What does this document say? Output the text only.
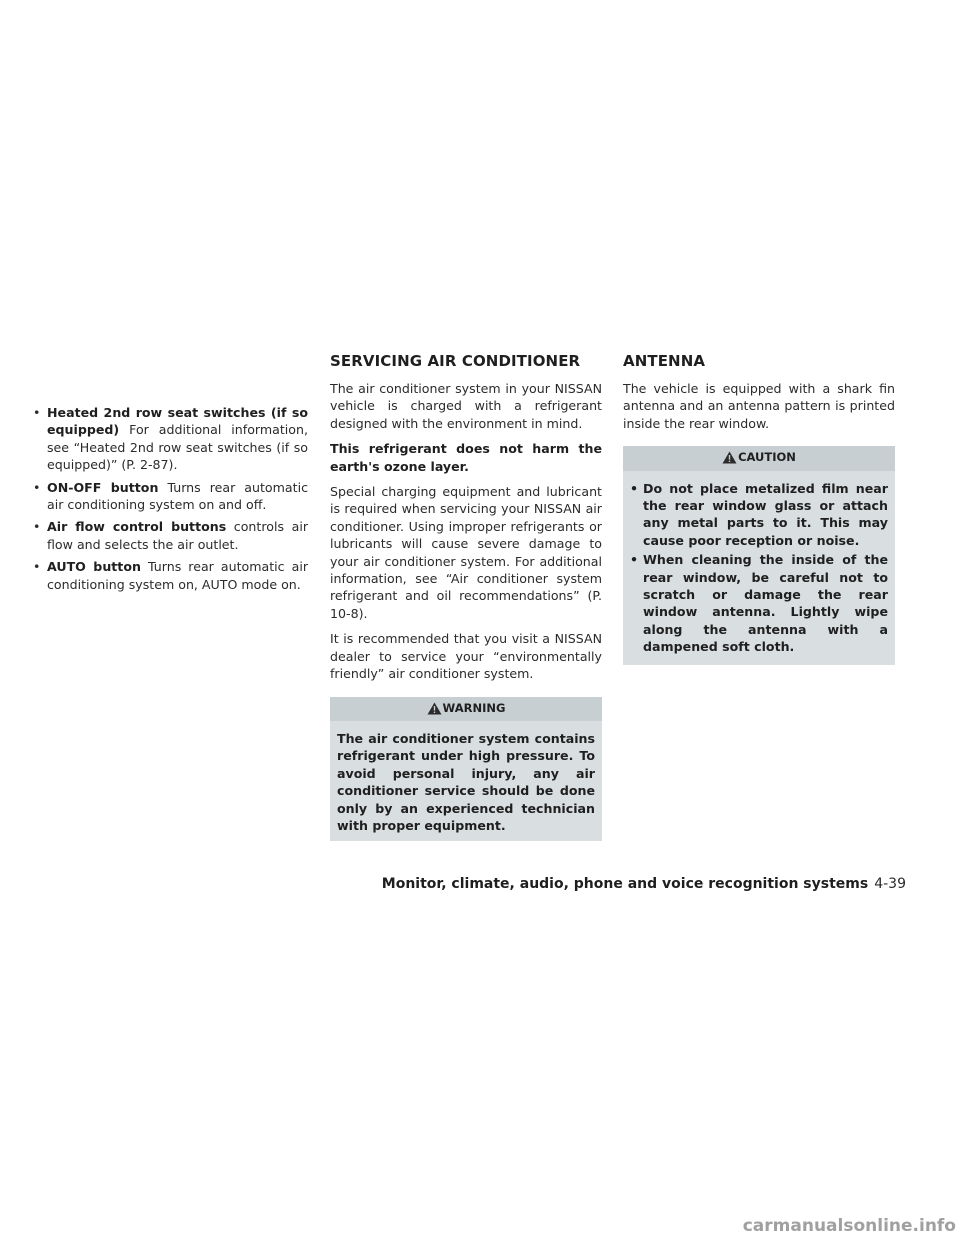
• Heated 2nd row seat switches (if so equipped) For additional information, see “Heated 2nd row seat switches (if so equipped)” (P. 2-87).
• ON-OFF button Turns rear automatic air conditioning system on and off.
• Air flow control buttons controls air flow and selects the air outlet.
• AUTO button Turns rear automatic air conditioning system on, AUTO mode on.
SERVICING AIR CONDITIONER	ANTENNA

The air conditioner system in your NISSAN vehicle is charged with a refrigerant designed with the environment in mind.

This refrigerant does not harm the earth's ozone layer.

Special charging equipment and lubricant is required when servicing your NISSAN air conditioner. Using improper refrigerants or lubricants will cause severe damage to your air conditioner system. For additional information, see “Air conditioner system refrigerant and oil recommendations” (P. 10-8).

It is recommended that you visit a NISSAN dealer to service your “environmentally friendly” air conditioner system.

WARNING

The air conditioner system contains refrigerant under high pressure. To avoid personal injury, any air conditioner service should be done only by an experienced technician with proper equipment.

The vehicle is equipped with a shark fin antenna and an antenna pattern is printed inside the rear window.

CAUTION
• Do not place metalized film near the rear window glass or attach any metal parts to it. This may cause poor reception or noise.
• When cleaning the inside of the rear window, be careful not to scratch or damage the rear window antenna. Lightly wipe along the antenna with a dampened soft cloth.
Monitor, climate, audio, phone and voice recognition systems 4-39
carmanualsonline.info
